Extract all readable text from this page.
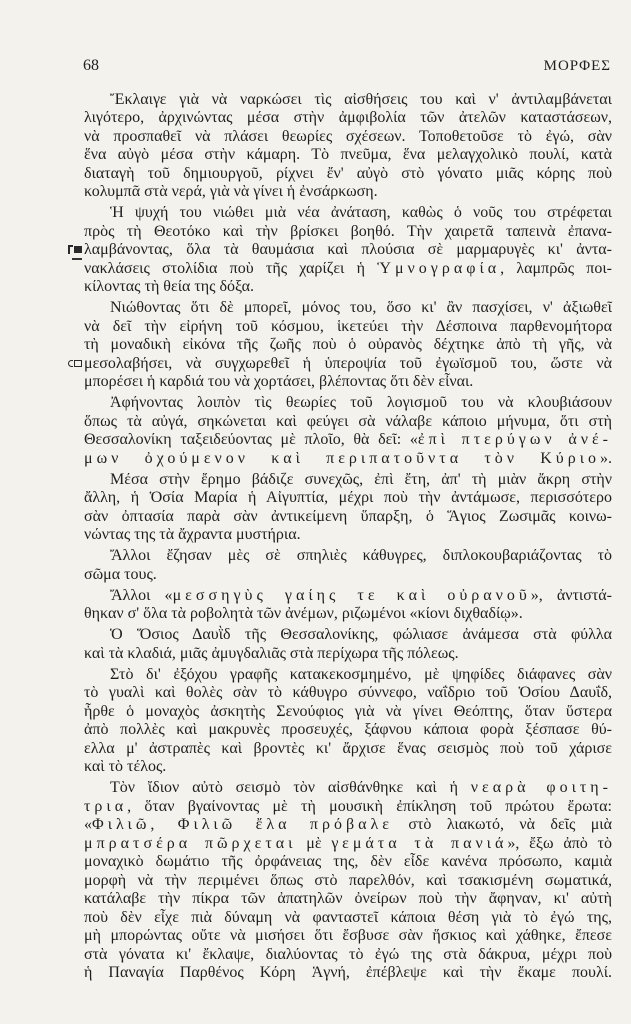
68	ΜΟΡΦΕΣ
Ἔκλαιγε γιὰ νὰ ναρκώσει τὶς αἰσθήσεις του καὶ ν' ἀντιλαμβάνεται
λιγότερο, ἀρχινώντας μέσα στὴν ἀμφιβολία τῶν ἀτελῶν καταστάσεων,
νὰ προσπαθεῖ νὰ πλάσει θεωρίες σχέσεων. Τοποθετοῦσε τὸ ἐγώ, σὰν
ἕνα αὐγὸ μέσα στὴν κάμαρη. Τὸ πνεῦμα, ἕνα μελαγχολικὸ πουλί, κατὰ
διαταγὴ τοῦ δημιουργοῦ, ρίχνει ἔν' αὐγὸ στὸ γόνατο μιᾶς κόρης ποὺ
κολυμπᾶ στὰ νερά, γιὰ νὰ γίνει ἡ ἐνσάρκωση.
Ἡ ψυχή του νιώθει μιὰ νέα ἀνάταση, καθὼς ὁ νοῦς του στρέφεται
πρὸς τὴ Θεοτόκο καὶ τὴν βρίσκει βοηθό. Τὴν χαιρετᾶ ταπεινὰ ἐπανα-
λαμβάνοντας, ὅλα τὰ θαυμάσια καὶ πλούσια σὲ μαρμαρυγὲς κι' ἀντα-
νακλάσεις στολίδια ποὺ τῆς χαρίζει ἡ Ὑμνογραφία, λαμπρῶς ποι-
κίλοντας τὴ θεία της δόξα.
Νιώθοντας ὅτι δὲ μπορεῖ, μόνος του, ὅσο κι' ἂν πασχίσει, ν' ἀξιωθεῖ
νὰ δεῖ τὴν εἰρήνη τοῦ κόσμου, ἱκετεύει τὴν Δέσποινα παρθενομήτορα
τὴ μοναδικὴ εἰκόνα τῆς ζωῆς ποὺ ὁ οὐρανὸς δέχτηκε ἀπὸ τὴ γῆς, νὰ
μεσολαβήσει, νὰ συγχωρεθεῖ ἡ ὑπεροψία τοῦ ἐγωϊσμοῦ του, ὥστε νὰ
μπορέσει ἡ καρδιά του νὰ χορτάσει, βλέποντας ὅτι δὲν εἶναι.
Ἀφήνοντας λοιπὸν τὶς θεωρίες τοῦ λογισμοῦ του νὰ κλουβιάσουν
ὅπως τὰ αὐγά, σηκώνεται καὶ φεύγει σὰ νάλαβε κάποιο μήνυμα, ὅτι στὴ
Θεσσαλονίκη ταξειδεύοντας μὲ πλοῖο, θὰ δεῖ: «ἐπὶ πτερύγων ἀνέ-
μων ὀχούμενον καὶ περιπατοῦντα τὸν Κύριο».
Μέσα στὴν ἔρημο βάδιζε συνεχῶς, ἐπὶ ἔτη, ἀπ' τὴ μιὰν ἄκρη στὴν
ἄλλη, ἡ Ὁσία Μαρία ἡ Αἰγυπτία, μέχρι ποὺ τὴν ἀντάμωσε, περισσότερο
σὰν ὀπτασία παρὰ σὰν ἀντικείμενη ὕπαρξη, ὁ Ἅγιος Ζωσιμᾶς κοινω-
νώντας της τὰ ἄχραντα μυστήρια.
Ἄλλοι ἔζησαν μὲς σὲ σπηλιὲς κάθυγρες, διπλοκουβαριάζοντας τὸ
σῶμα τους.
Ἄλλοι «μεσσηγὺς γαίης τε καὶ οὐρανοῦ», ἀντιστά-
θηκαν σ' ὅλα τὰ ροβολητὰ τῶν ἀνέμων, ριζωμένοι «κίονι διχθαδίῳ».
Ὁ Ὅσιος Δαυῒδ τῆς Θεσσαλονίκης, φώλιασε ἀνάμεσα στὰ φύλλα
καὶ τὰ κλαδιά, μιᾶς ἀμυγδαλιᾶς στὰ περίχωρα τῆς πόλεως.
Στὸ δι' ἐξόχου γραφῆς κατακεκοσμημένο, μὲ ψηφίδες διάφανες σὰν
τὸ γυαλὶ καὶ θολὲς σὰν τὸ κάθυγρο σύννεφο, ναΐδριο τοῦ Ὁσίου Δαυΐδ,
ἦρθε ὁ μοναχὸς ἀσκητὴς Σενούφιος γιὰ νὰ γίνει Θεόπτης, ὅταν ὕστερα
ἀπὸ πολλὲς καὶ μακρυνὲς προσευχές, ξάφνου κάποια φορὰ ξέσπασε θύ-
ελλα μ' ἀστραπὲς καὶ βροντὲς κι' ἄρχισε ἕνας σεισμὸς ποὺ τοῦ χάρισε
καὶ τὸ τέλος.
Τὸν ἴδιον αὐτὸ σεισμὸ τὸν αἰσθάνθηκε καὶ ἡ νεαρὰ φοιτη-
τρια, ὅταν βγαίνοντας μὲ τὴ μουσικὴ ἐπίκληση τοῦ πρώτου ἔρωτα:
«Φιλιῶ, Φιλιῶ ἔλα πρόβαλε στὸ λιακωτό, νὰ δεῖς μιὰ
μπρατσέρα πῶρχεται μὲ γεμάτα τὰ πανιά», ἔξω ἀπὸ τὸ
μοναχικὸ δωμάτιο τῆς ὀρφάνειας της, δὲν εἶδε κανένα πρόσωπο, καμιὰ
μορφὴ νὰ τὴν περιμένει ὅπως στὸ παρελθόν, καὶ τσακισμένη σωματικά,
κατάλαβε τὴν πίκρα τῶν ἀπατηλῶν ὀνείρων ποὺ τὴν ἄφηναν, κι' αὐτὴ
ποὺ δὲν εἶχε πιὰ δύναμη νὰ φανταστεῖ κάποια θέση γιὰ τὸ ἐγώ της,
μὴ μπορώντας οὔτε νὰ μισήσει ὅτι ἔσβυσε σὰν ἥσκιος καὶ χάθηκε, ἔπεσε
στὰ γόνατα κι' ἔκλαψε, διαλύοντας τὸ ἐγώ της στὰ δάκρυα, μέχρι ποὺ
ἡ Παναγία Παρθένος Κόρη Ἁγνή, ἐπέβλεψε καὶ τὴν ἔκαμε πουλί.
